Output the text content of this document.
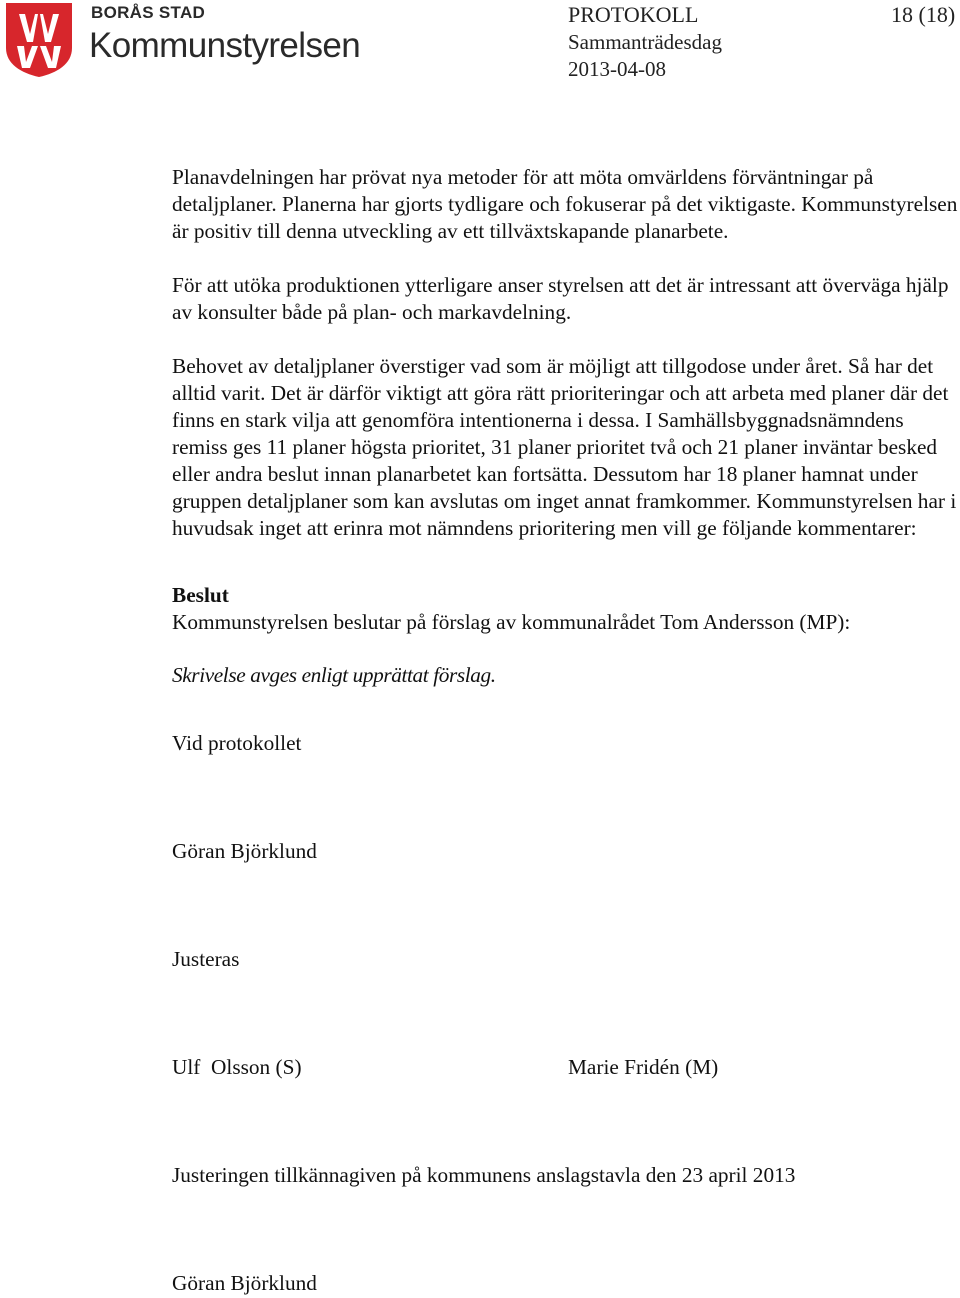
BORÅS STAD
Kommunstyrelsen
PROTOKOLL	18 (18)
Sammanträdesdag
2013-04-08

Planavdelningen har prövat nya metoder för att möta omvärldens förväntningar på detaljplaner. Planerna har gjorts tydligare och fokuserar på det viktigaste. Kommunstyrelsen är positiv till denna utveckling av ett tillväxtskapande planarbete.

För att utöka produktionen ytterligare anser styrelsen att det är intressant att överväga hjälp av konsulter både på plan- och markavdelning.

Behovet av detaljplaner överstiger vad som är möjligt att tillgodose under året. Så har det alltid varit. Det är därför viktigt att göra rätt prioriteringar och att arbeta med planer där det finns en stark vilja att genomföra intentionerna i dessa. I Samhällsbyggnadsnämndens remiss ges 11 planer högsta prioritet, 31 planer prioritet två och 21 planer inväntar besked eller andra beslut innan planarbetet kan fortsätta. Dessutom har 18 planer hamnat under gruppen detaljplaner som kan avslutas om inget annat framkommer. Kommunstyrelsen har i huvudsak inget att erinra mot nämndens prioritering men vill ge följande kommentarer:

Beslut

Kommunstyrelsen beslutar på förslag av kommunalrådet Tom Andersson (MP):

Skrivelse avges enligt upprättat förslag.

Vid protokollet
Göran Björklund
Justeras
Ulf  Olsson (S)	Marie Fridén (M)
Justeringen tillkännagiven på kommunens anslagstavla den 23 april 2013
Göran Björklund
